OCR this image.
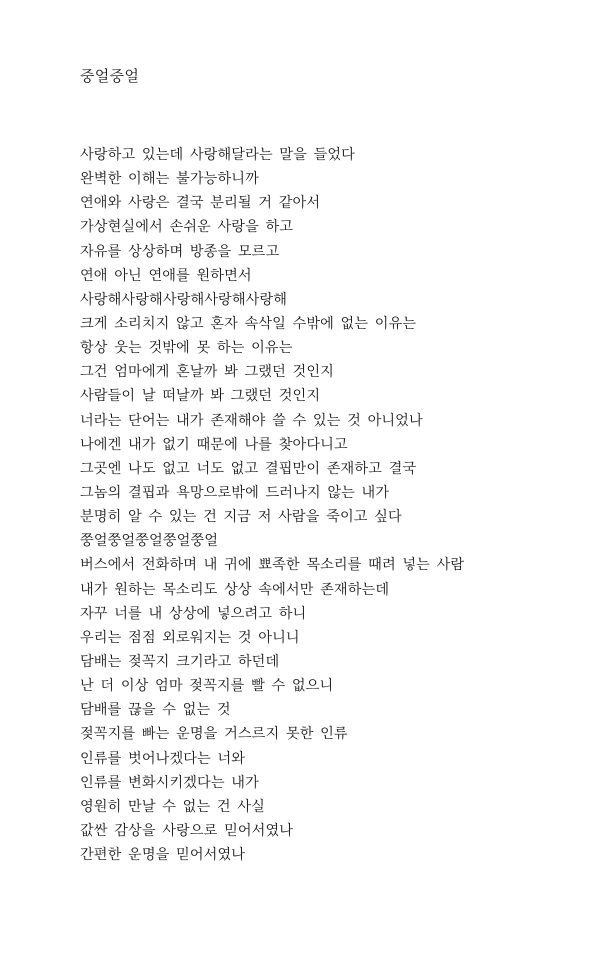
중얼중얼
사랑하고 있는데 사랑해달라는 말을 들었다
완벽한 이해는 불가능하니까
연애와 사랑은 결국 분리될 거 같아서
가상현실에서 손쉬운 사랑을 하고
자유를 상상하며 방종을 모르고
연애 아닌 연애를 원하면서
사랑해사랑해사랑해사랑해사랑해
크게 소리치지 않고 혼자 속삭일 수밖에 없는 이유는
항상 웃는 것밖에 못 하는 이유는
그건 엄마에게 혼날까 봐 그랬던 것인지
사람들이 날 떠날까 봐 그랬던 것인지
너라는 단어는 내가 존재해야 쓸 수 있는 것 아니었나
나에겐 내가 없기 때문에 나를 찾아다니고
그곳엔 나도 없고 너도 없고 결핍만이 존재하고 결국
그놈의 결핍과 욕망으로밖에 드러나지 않는 내가
분명히 알 수 있는 건 지금 저 사람을 죽이고 싶다
쭝얼쭝얼쭝얼쭝얼쭝얼
버스에서 전화하며 내 귀에 뾰족한 목소리를 때려 넣는 사람
내가 원하는 목소리도 상상 속에서만 존재하는데
자꾸 너를 내 상상에 넣으려고 하니
우리는 점점 외로워지는 것 아니니
담배는 젖꼭지 크기라고 하던데
난 더 이상 엄마 젖꼭지를 빨 수 없으니
담배를 끊을 수 없는 것
젖꼭지를 빠는 운명을 거스르지 못한 인류
인류를 벗어나겠다는 너와
인류를 변화시키겠다는 내가
영원히 만날 수 없는 건 사실
값싼 감상을 사랑으로 믿어서였나
간편한 운명을 믿어서였나
